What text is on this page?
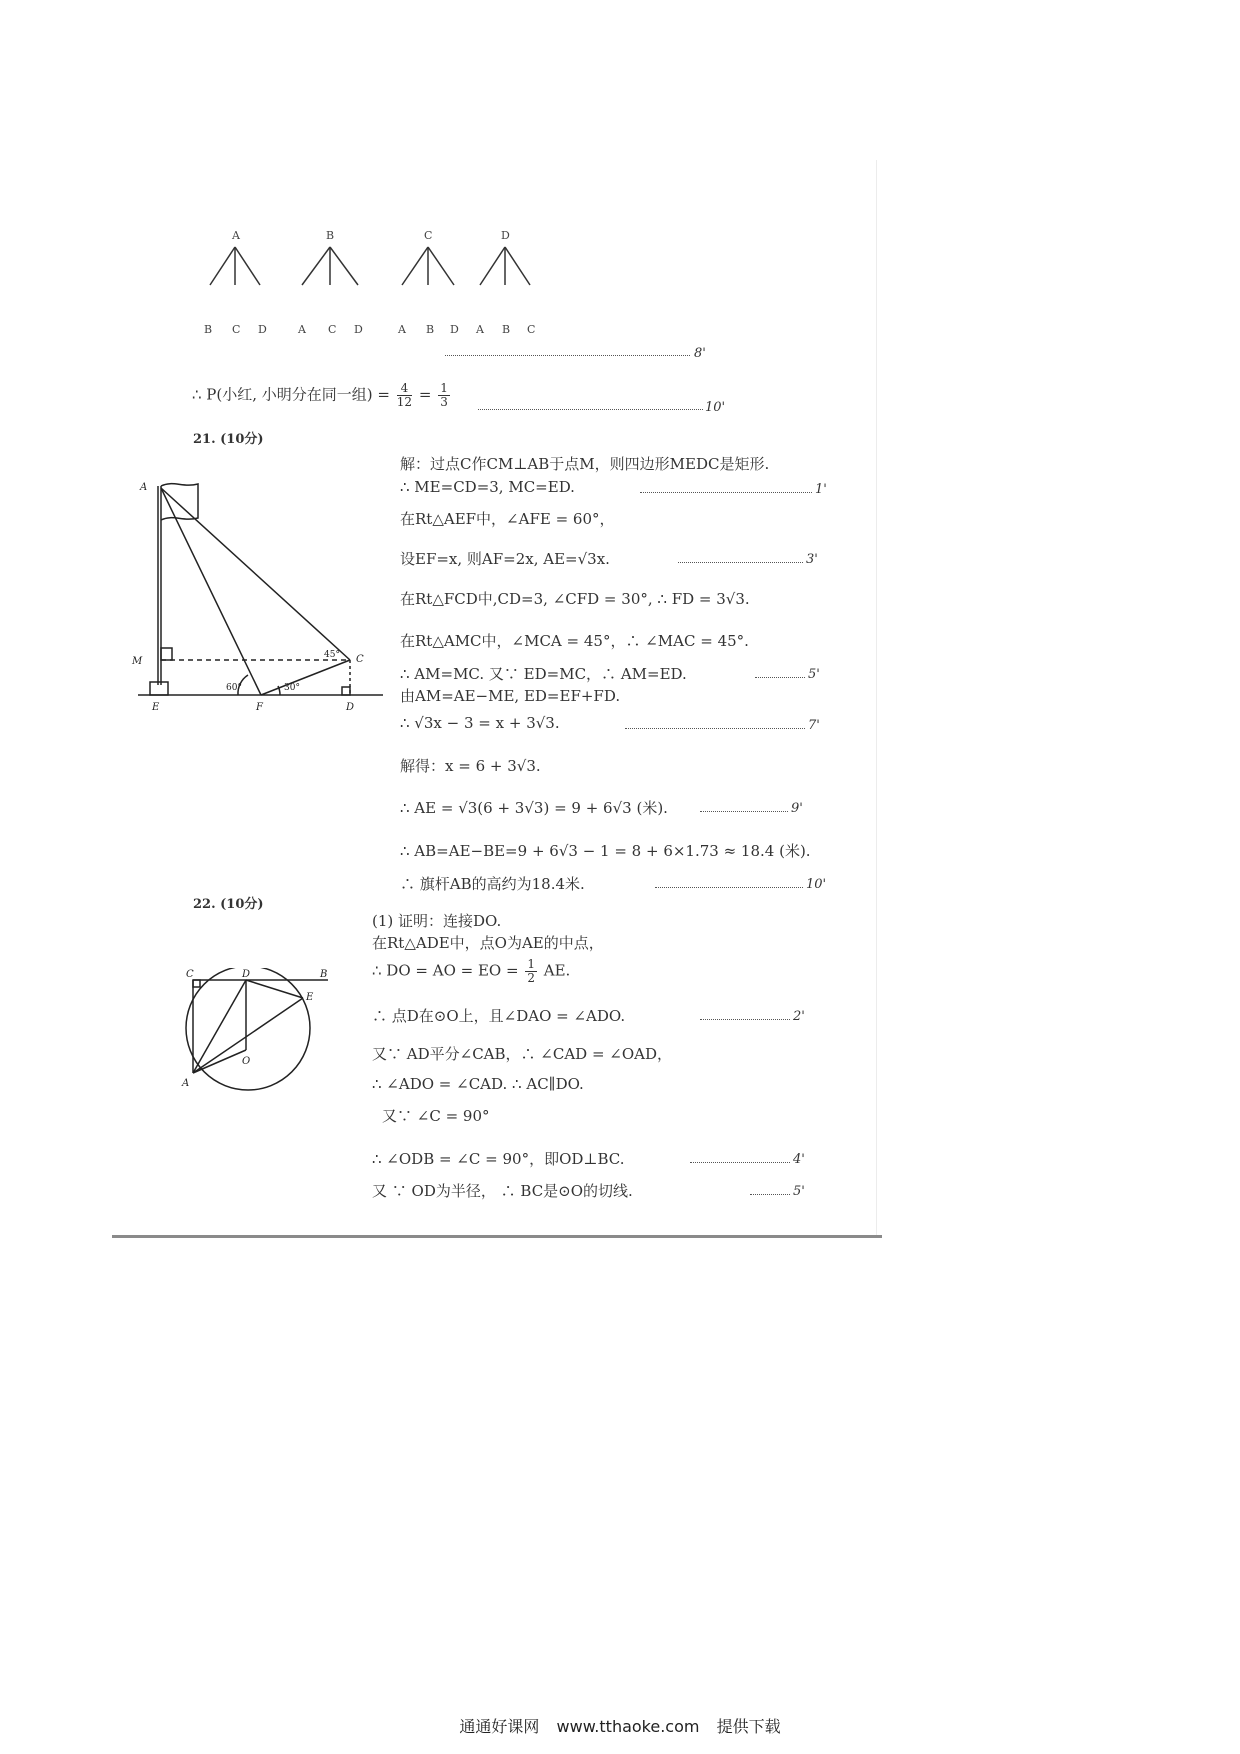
A	B	C	D
B C D	A C D	A B D A B C
8'
∴ P(小红, 小明分在同一组) = $\frac{4}{12} = \frac{1}{3}$	10'
21. (10分)
A
M	C
E	F	D
45°
60°	30°
解：过点C作CM⊥AB于点M，则四边形MEDC是矩形.
∴ ME=CD=3, MC=ED.	1'
在Rt△AEF中，∠AFE = 60°，
设EF=x, 则AF=2x, AE=√3x.	3'
在Rt△FCD中,CD=3, ∠CFD = 30°, ∴ FD = 3√3.
在Rt△AMC中，∠MCA = 45°，∴ ∠MAC = 45°.
∴ AM=MC. 又∵ ED=MC，∴ AM=ED.	5'
由AM=AE−ME, ED=EF+FD.
∴ √3x − 3 = x + 3√3.	7'
解得：x = 6 + 3√3.
∴ AE = √3(6 + 3√3) = 9 + 6√3 (米).	9'
∴ AB=AE−BE=9 + 6√3 − 1 = 8 + 6×1.73 ≈ 18.4 (米).
∴ 旗杆AB的高约为18.4米.	10'
22. (10分)
C	D	B
E
O
A
(1) 证明：连接DO.
在Rt△ADE中，点O为AE的中点，
∴ DO = AO = EO = $\frac{1}{2}$ AE.
∴ 点D在⊙O上，且∠DAO = ∠ADO.	2'
又∵ AD平分∠CAB，∴ ∠CAD = ∠OAD，
∴ ∠ADO = ∠CAD. ∴ AC∥DO.
又∵ ∠C = 90°
∴ ∠ODB = ∠C = 90°，即OD⊥BC.	4'
又 ∵ OD为半径， ∴ BC是⊙O的切线.	5'
通通好课网 www.tthaoke.com 提供下载
